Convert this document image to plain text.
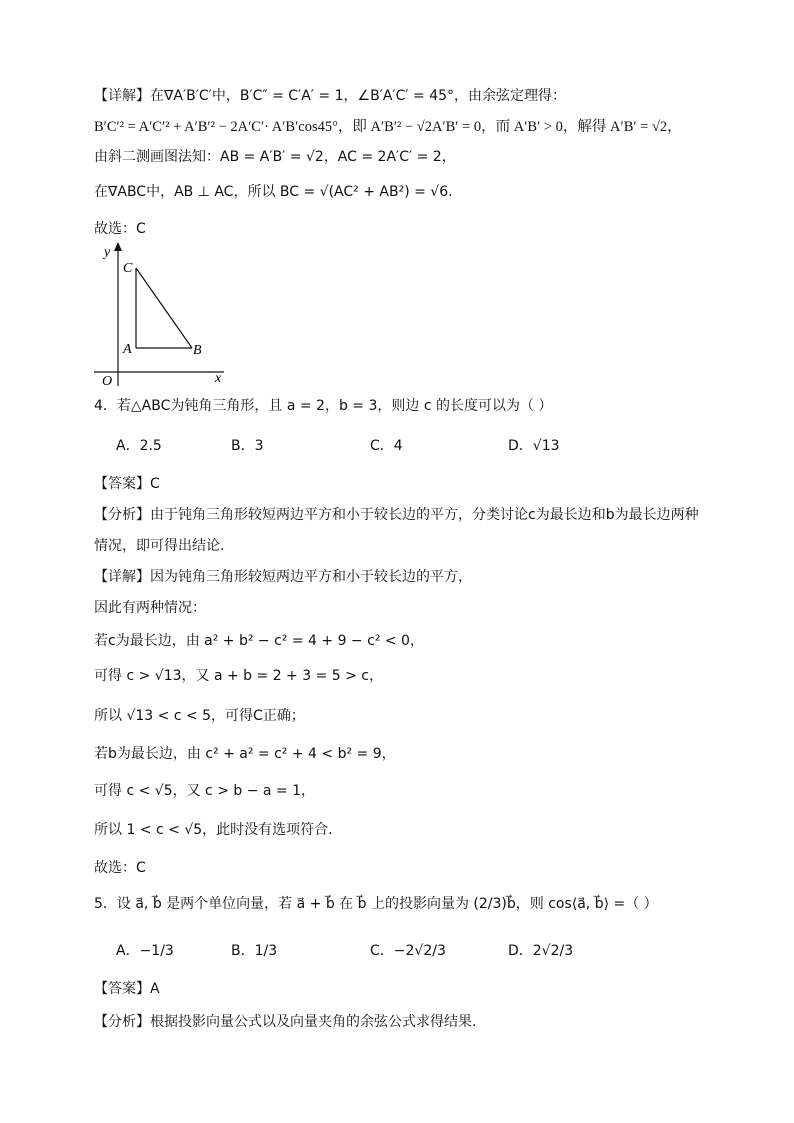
【详解】在∇A′B′C′中，B′C″ = C′A′ = 1，∠B′A′C′ = 45°，由余弦定理得：
B′C′² = A′C′² + A′B′² − 2A′C′· A′B′cos45°，即 A′B′² − √2A′B′ = 0，而 A′B′ > 0，解得 A′B′ = √2，
由斜二测画图法知：AB = A′B′ = √2，AC = 2A′C′ = 2，
在∇ABC中，AB ⊥ AC，所以 BC = √(AC² + AB²) = √6.
故选：C
y
x
O
A	B
C
4．若△ABC为钝角三角形，且 a = 2，b = 3，则边 c 的长度可以为（ ）
A．2.5	B．3	C．4	D．√13
【答案】C
【分析】由于钝角三角形较短两边平方和小于较长边的平方，分类讨论c为最长边和b为最长边两种
情况，即可得出结论.
【详解】因为钝角三角形较短两边平方和小于较长边的平方，
因此有两种情况：
若c为最长边，由 a² + b² − c² = 4 + 9 − c² < 0，
可得 c > √13，又 a + b = 2 + 3 = 5 > c，
所以 √13 < c < 5，可得C正确；
若b为最长边，由 c² + a² = c² + 4 < b² = 9，
可得 c < √5，又 c > b − a = 1，
所以 1 < c < √5，此时没有选项符合.
故选：C
5．设 a⃗, b⃗ 是两个单位向量，若 a⃗ + b⃗ 在 b⃗ 上的投影向量为 (2/3)b⃗，则 cos⟨a⃗, b⃗⟩ =（ ）
A．−1/3	B．1/3	C．−2√2/3	D．2√2/3
【答案】A
【分析】根据投影向量公式以及向量夹角的余弦公式求得结果.
